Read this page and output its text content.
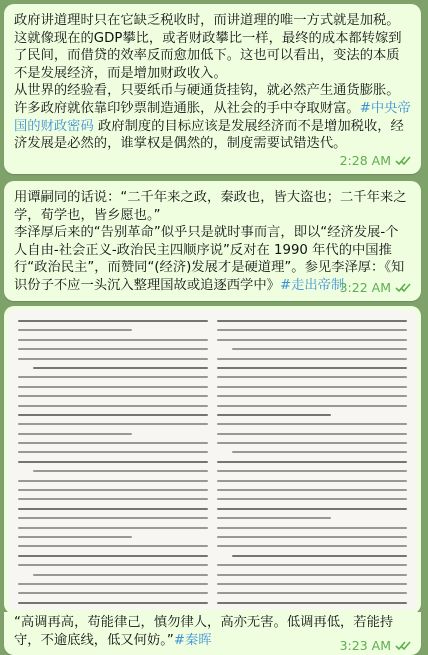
政府讲道理时只在它缺乏税收时，而讲道理的唯一方式就是加税。
这就像现在的GDP攀比，或者财政攀比一样，最终的成本都转嫁到了民间，而借贷的效率反而愈加低下。这也可以看出，变法的本质不是发展经济，而是增加财政收入。
从世界的经验看，只要纸币与硬通货挂钩，就必然产生通货膨胀。许多政府就依靠印钞票制造通胀，从社会的手中夺取财富。#中央帝国的财政密码 政府制度的目标应该是发展经济而不是增加税收，经济发展是必然的，谁掌权是偶然的，制度需要试错迭代。
2:28 AM
用谭嗣同的话说：“二千年来之政，秦政也，皆大盗也；二千年来之学，荀学也，皆乡愿也。”
李泽厚后来的“告别革命”似乎只是就时事而言，即以“经济发展-个人自由-社会正义-政治民主四顺序说”反对在 1990 年代的中国推行“政治民主”，而赞同“(经济)发展才是硬道理”。参见李泽厚：《知识份子不应一头沉入整理国故或追逐西学中》#走出帝制
3:22 AM
“高调再高，苟能律己，慎勿律人，高亦无害。低调再低，若能持守，不逾底线，低又何妨。”#秦晖	3:23 AM
